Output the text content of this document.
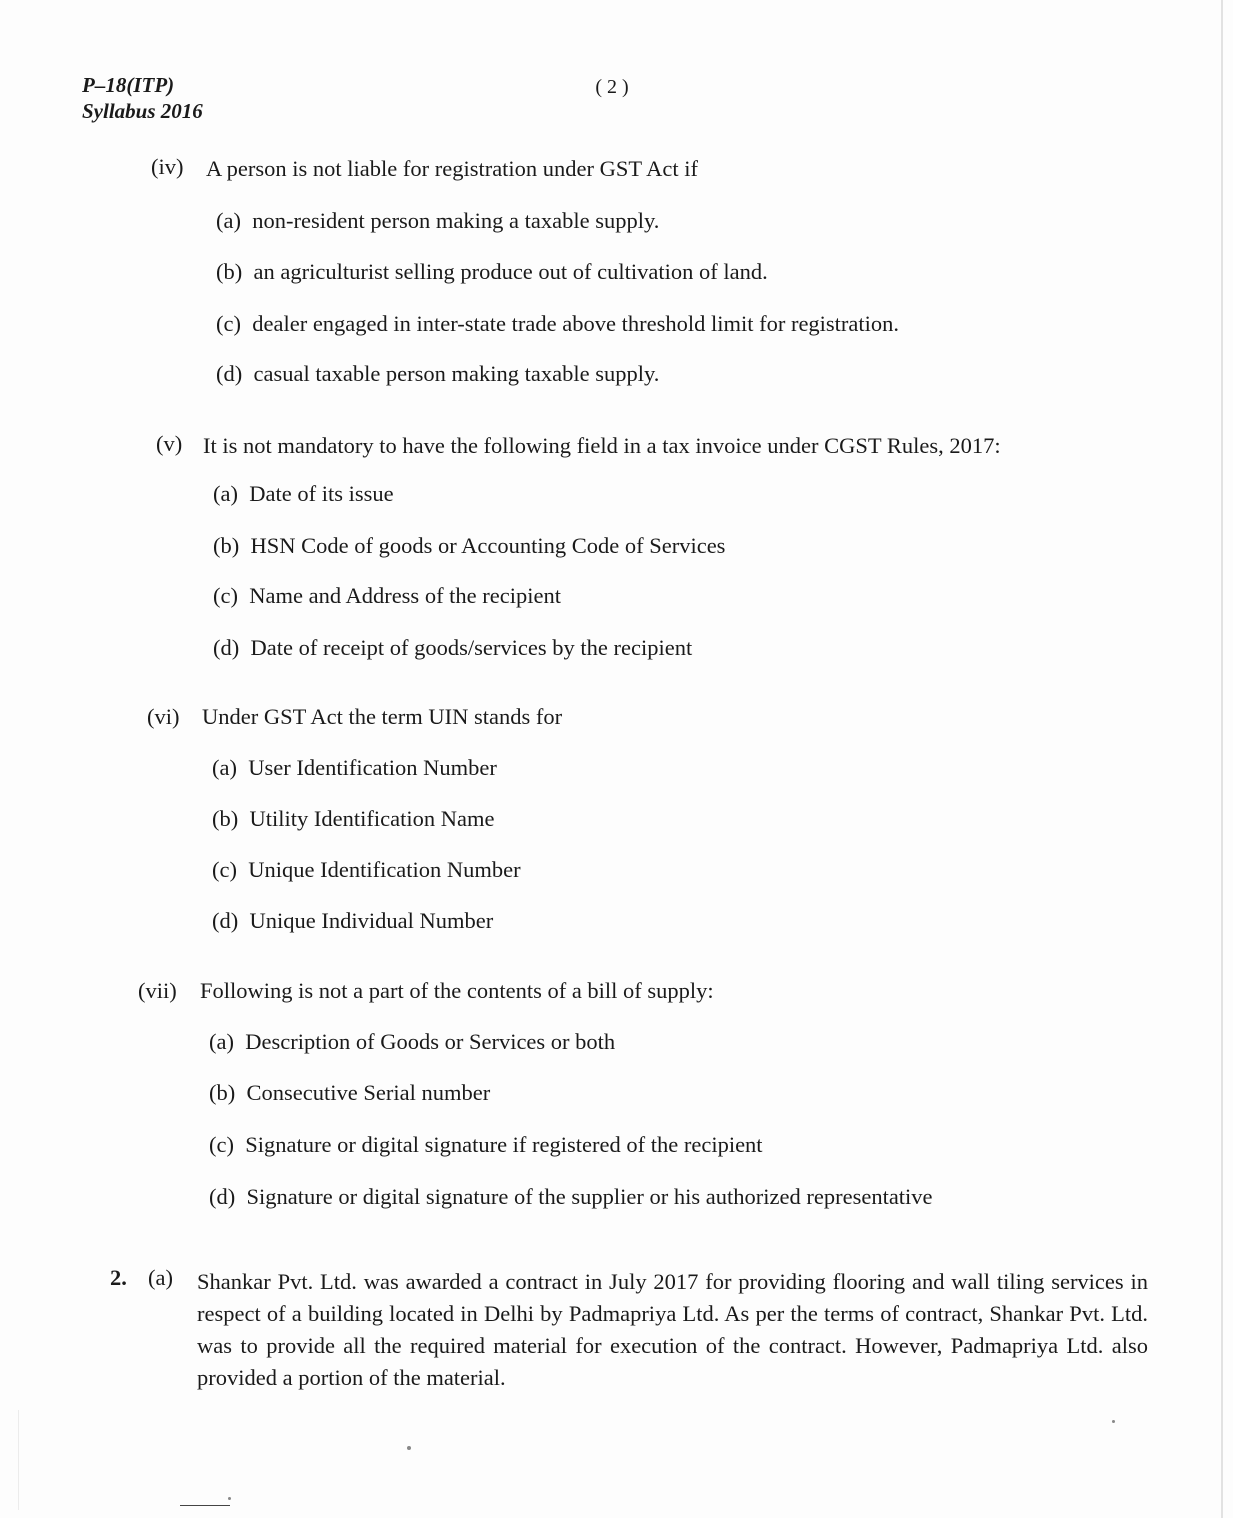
P–18(ITP)
Syllabus 2016
( 2 )
(iv) A person is not liable for registration under GST Act if
(a) non-resident person making a taxable supply.
(b) an agriculturist selling produce out of cultivation of land.
(c) dealer engaged in inter-state trade above threshold limit for registration.
(d) casual taxable person making taxable supply.
(v) It is not mandatory to have the following field in a tax invoice under CGST Rules, 2017:
(a) Date of its issue
(b) HSN Code of goods or Accounting Code of Services
(c) Name and Address of the recipient
(d) Date of receipt of goods/services by the recipient
(vi) Under GST Act the term UIN stands for
(a) User Identification Number
(b) Utility Identification Name
(c) Unique Identification Number
(d) Unique Individual Number
(vii) Following is not a part of the contents of a bill of supply:
(a) Description of Goods or Services or both
(b) Consecutive Serial number
(c) Signature or digital signature if registered of the recipient
(d) Signature or digital signature of the supplier or his authorized representative
2. (a) Shankar Pvt. Ltd. was awarded a contract in July 2017 for providing flooring and wall tiling services in respect of a building located in Delhi by Padmapriya Ltd. As per the terms of contract, Shankar Pvt. Ltd. was to provide all the required material for execution of the contract. However, Padmapriya Ltd. also provided a portion of the material.
